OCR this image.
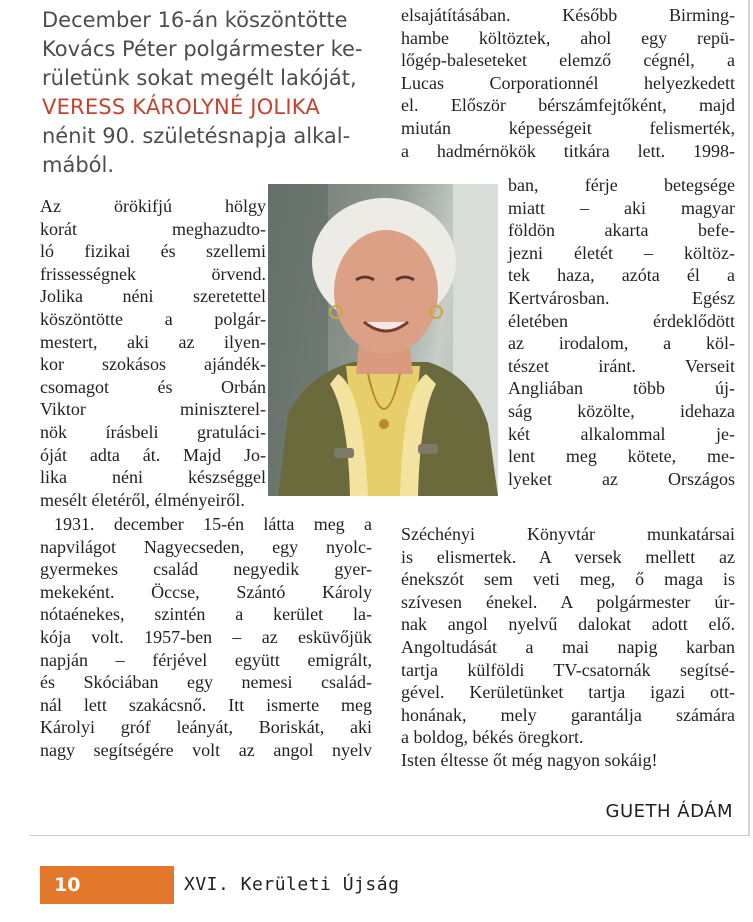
December 16-án köszöntötte
Kovács Péter polgármester ke-
rületünk sokat megélt lakóját,
VERESS KÁROLYNÉ JOLIKA
nénit 90. születésnapja alkal-
mából.
Az örökifjú hölgy
korát meghazudto-
ló fizikai és szellemi
frissességnek örvend.
Jolika néni szeretettel
köszöntötte a polgár-
mestert, aki az ilyen-
kor szokásos ajándék-
csomagot és Orbán
Viktor miniszterel-
nök írásbeli gratuláci-
óját adta át. Majd Jo-
lika néni készséggel
mesélt életéről, élményeiről.
1931. december 15-én látta meg a
napvilágot Nagyecseden, egy nyolc-
gyermekes család negyedik gyer-
mekeként. Öccse, Szántó Károly
nótaénekes, szintén a kerület la-
kója volt. 1957-ben – az esküvőjük
napján – férjével együtt emigrált,
és Skóciában egy nemesi család-
nál lett szakácsnő. Itt ismerte meg
Károlyi gróf leányát, Boriskát, aki
nagy segítségére volt az angol nyelv
elsajátításában. Később Birming-
hambe költöztek, ahol egy repü-
lőgép-baleseteket elemző cégnél, a
Lucas Corporationnél helyezkedett
el. Először bérszámfejtőként, majd
miután képességeit felismerték,
a hadmérnökök titkára lett. 1998-
ban, férje betegsége
miatt – aki magyar
földön akarta befe-
jezni életét – költöz-
tek haza, azóta él a
Kertvárosban. Egész
életében érdeklődött
az irodalom, a köl-
tészet iránt. Verseit
Angliában több új-
ság közölte, idehaza
két alkalommal je-
lent meg kötete, me-
lyeket az Országos
Széchényi Könyvtár munkatársai
is elismertek. A versek mellett az
énekszót sem veti meg, ő maga is
szívesen énekel. A polgármester úr-
nak angol nyelvű dalokat adott elő.
Angoltudását a mai napig karban
tartja külföldi TV-csatornák segítsé-
gével. Kerületünket tartja igazi ott-
honának, mely garantálja számára
a boldog, békés öregkort.
Isten éltesse őt még nagyon sokáig!
GUETH ÁDÁM
10	XVI. Kerületi Újság
